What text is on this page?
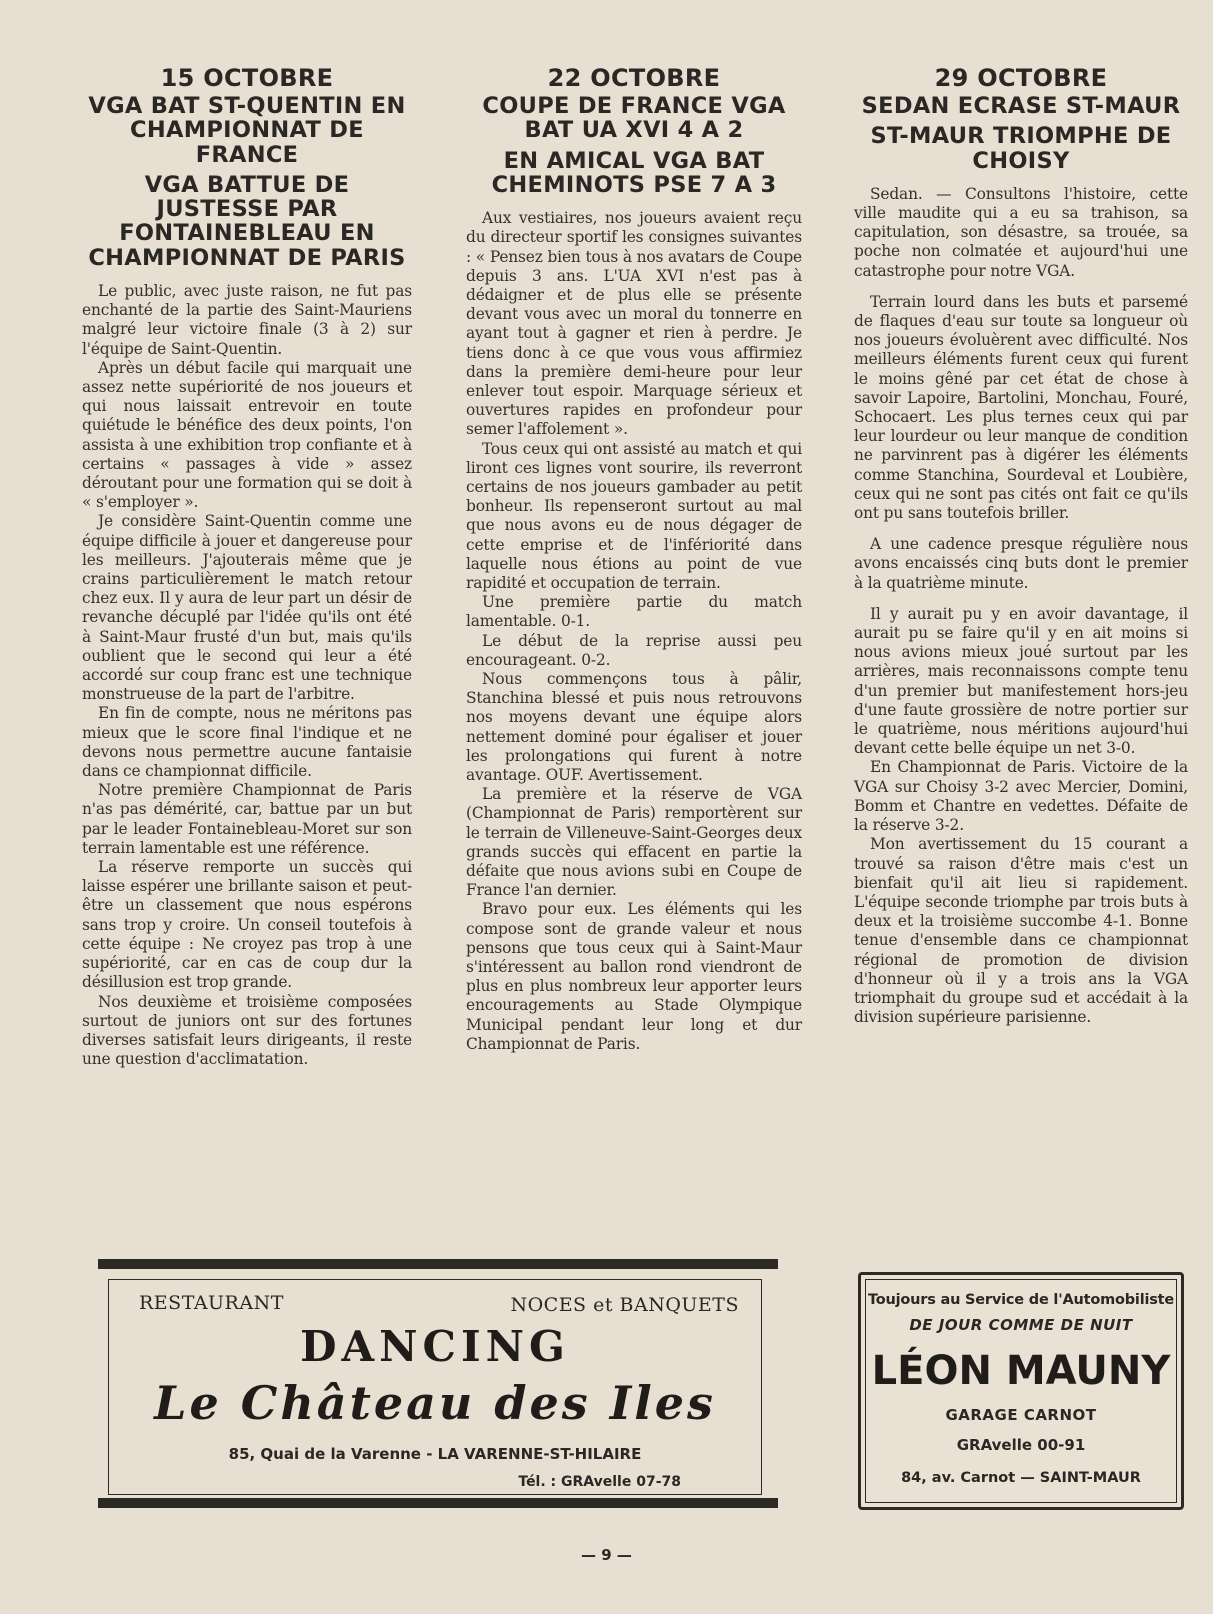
15 OCTOBRE
VGA BAT ST-QUENTIN EN CHAMPIONNAT DE FRANCE
VGA BATTUE DE JUSTESSE PAR FONTAINEBLEAU EN CHAMPIONNAT DE PARIS

Le public, avec juste raison, ne fut pas enchanté de la partie des Saint-Mauriens malgré leur victoire finale (3 à 2) sur l'équipe de Saint-Quentin.

Après un début facile qui marquait une assez nette supériorité de nos joueurs et qui nous laissait entrevoir en toute quiétude le bénéfice des deux points, l'on assista à une exhibition trop confiante et à certains « passages à vide » assez déroutant pour une formation qui se doit à « s'employer ».

Je considère Saint-Quentin comme une équipe difficile à jouer et dangereuse pour les meilleurs. J'ajouterais même que je crains particulièrement le match retour chez eux. Il y aura de leur part un désir de revanche décuplé par l'idée qu'ils ont été à Saint-Maur frusté d'un but, mais qu'ils oublient que le second qui leur a été accordé sur coup franc est une technique monstrueuse de la part de l'arbitre.

En fin de compte, nous ne méritons pas mieux que le score final l'indique et ne devons nous permettre aucune fantaisie dans ce championnat difficile.

Notre première Championnat de Paris n'as pas démérité, car, battue par un but par le leader Fontainebleau-Moret sur son terrain lamentable est une référence.

La réserve remporte un succès qui laisse espérer une brillante saison et peut-être un classement que nous espérons sans trop y croire. Un conseil toutefois à cette équipe : Ne croyez pas trop à une supériorité, car en cas de coup dur la désillusion est trop grande.

Nos deuxième et troisième composées surtout de juniors ont sur des fortunes diverses satisfait leurs dirigeants, il reste une question d'acclimatation.

22 OCTOBRE
COUPE DE FRANCE VGA BAT UA XVI 4 A 2
EN AMICAL VGA BAT CHEMINOTS PSE 7 A 3

Aux vestiaires, nos joueurs avaient reçu du directeur sportif les consignes suivantes : « Pensez bien tous à nos avatars de Coupe depuis 3 ans. L'UA XVI n'est pas à dédaigner et de plus elle se présente devant vous avec un moral du tonnerre en ayant tout à gagner et rien à perdre. Je tiens donc à ce que vous vous affirmiez dans la première demi-heure pour leur enlever tout espoir. Marquage sérieux et ouvertures rapides en profondeur pour semer l'affolement ».

Tous ceux qui ont assisté au match et qui liront ces lignes vont sourire, ils reverront certains de nos joueurs gambader au petit bonheur. Ils repenseront surtout au mal que nous avons eu de nous dégager de cette emprise et de l'infériorité dans laquelle nous étions au point de vue rapidité et occupation de terrain.

Une première partie du match lamentable. 0-1.

Le début de la reprise aussi peu encourageant. 0-2.

Nous commençons tous à pâlir, Stanchina blessé et puis nous retrouvons nos moyens devant une équipe alors nettement dominé pour égaliser et jouer les prolongations qui furent à notre avantage. OUF. Avertissement.

La première et la réserve de VGA (Championnat de Paris) remportèrent sur le terrain de Villeneuve-Saint-Georges deux grands succès qui effacent en partie la défaite que nous avions subi en Coupe de France l'an dernier.

Bravo pour eux. Les éléments qui les compose sont de grande valeur et nous pensons que tous ceux qui à Saint-Maur s'intéressent au ballon rond viendront de plus en plus nombreux leur apporter leurs encouragements au Stade Olympique Municipal pendant leur long et dur Championnat de Paris.

29 OCTOBRE
SEDAN ECRASE ST-MAUR
ST-MAUR TRIOMPHE DE CHOISY

Sedan. — Consultons l'histoire, cette ville maudite qui a eu sa trahison, sa capitulation, son désastre, sa trouée, sa poche non colmatée et aujourd'hui une catastrophe pour notre VGA.

Terrain lourd dans les buts et parsemé de flaques d'eau sur toute sa longueur où nos joueurs évoluèrent avec difficulté. Nos meilleurs éléments furent ceux qui furent le moins gêné par cet état de chose à savoir Lapoire, Bartolini, Monchau, Fouré, Schocaert. Les plus ternes ceux qui par leur lourdeur ou leur manque de condition ne parvinrent pas à digérer les éléments comme Stanchina, Sourdeval et Loubière, ceux qui ne sont pas cités ont fait ce qu'ils ont pu sans toutefois briller.

A une cadence presque régulière nous avons encaissés cinq buts dont le premier à la quatrième minute.

Il y aurait pu y en avoir davantage, il aurait pu se faire qu'il y en ait moins si nous avions mieux joué surtout par les arrières, mais reconnaissons compte tenu d'un premier but manifestement hors-jeu d'une faute grossière de notre portier sur le quatrième, nous méritions aujourd'hui devant cette belle équipe un net 3-0.

En Championnat de Paris. Victoire de la VGA sur Choisy 3-2 avec Mercier, Domini, Bomm et Chantre en vedettes. Défaite de la réserve 3-2.

Mon avertissement du 15 courant a trouvé sa raison d'être mais c'est un bienfait qu'il ait lieu si rapidement. L'équipe seconde triomphe par trois buts à deux et la troisième succombe 4-1. Bonne tenue d'ensemble dans ce championnat régional de promotion de division d'honneur où il y a trois ans la VGA triomphait du groupe sud et accédait à la division supérieure parisienne.

RESTAURANT	NOCES et BANQUETS
DANCING
Le Château des Iles
85, Quai de la Varenne - LA VARENNE-ST-HILAIRE
Tél. : GRAvelle 07-78
Toujours au Service de l'Automobiliste
DE JOUR COMME DE NUIT
LÉON MAUNY
GARAGE CARNOT
GRAvelle 00-91
84, av. Carnot — SAINT-MAUR
— 9 —
